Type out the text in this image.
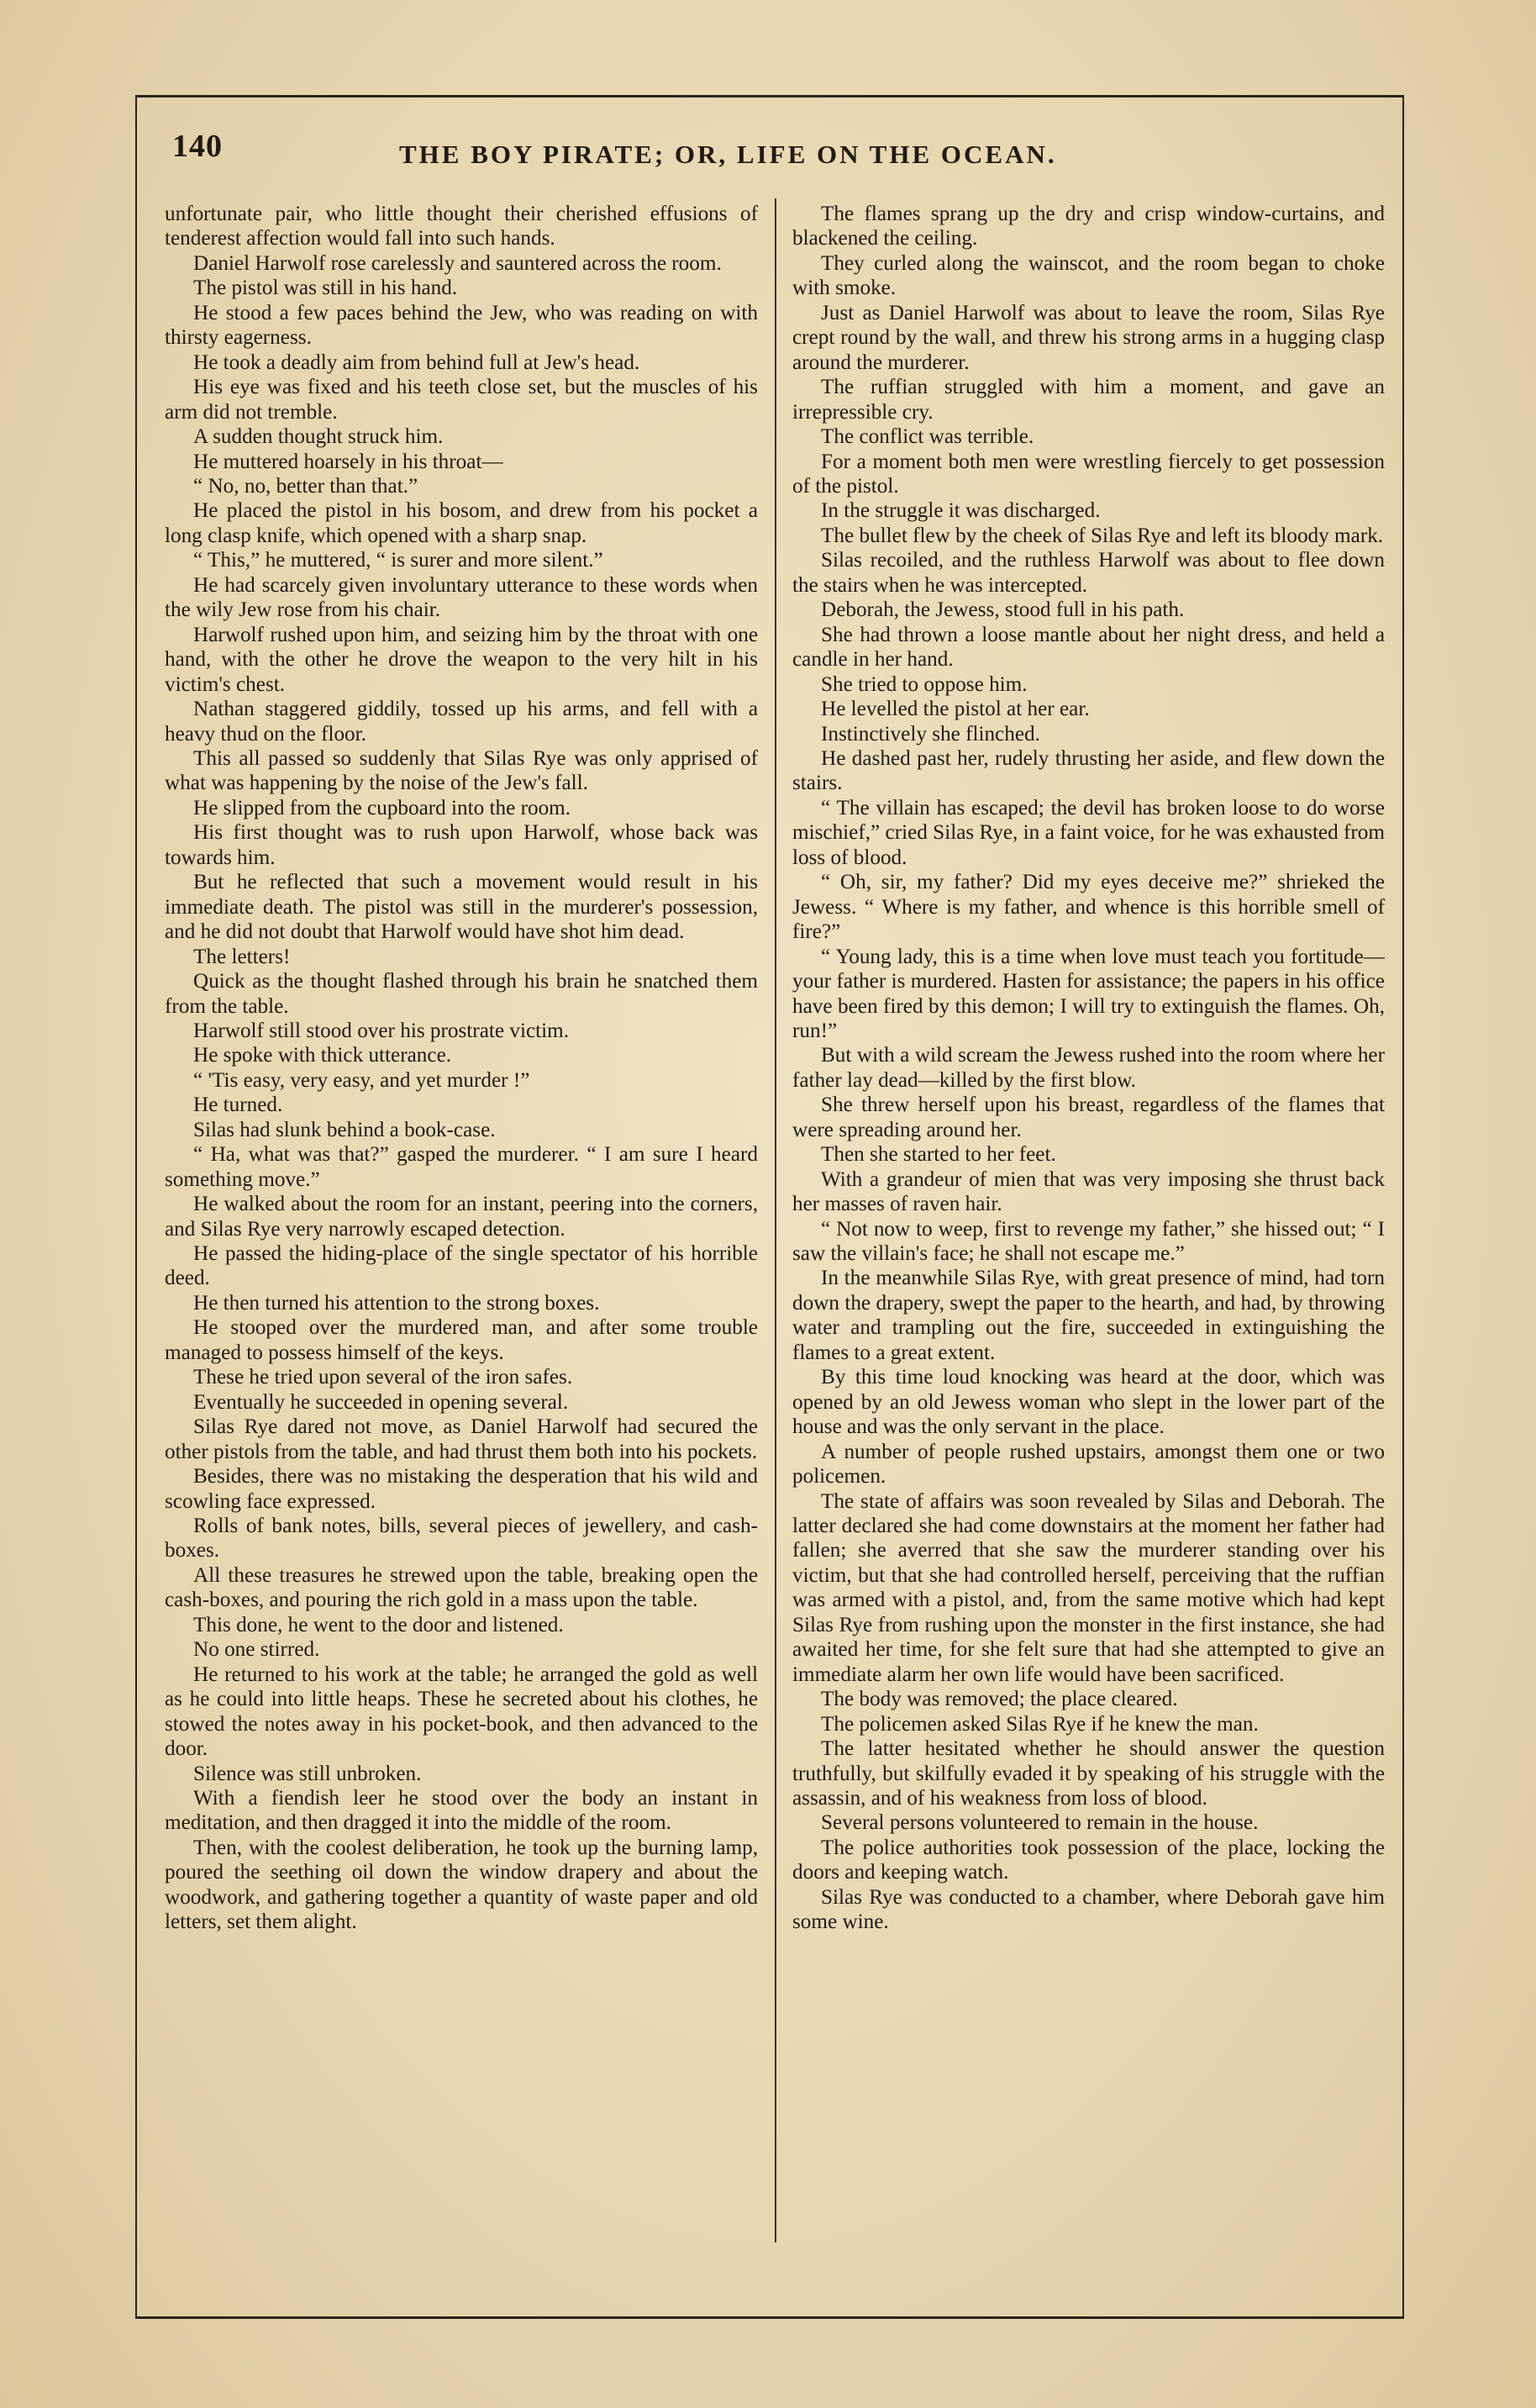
140	THE BOY PIRATE; OR, LIFE ON THE OCEAN.

unfortunate pair, who little thought their cherished effusions of tenderest affection would fall into such hands.

Daniel Harwolf rose carelessly and sauntered across the room.

The pistol was still in his hand.

He stood a few paces behind the Jew, who was reading on with thirsty eagerness.

He took a deadly aim from behind full at Jew's head.

His eye was fixed and his teeth close set, but the muscles of his arm did not tremble.

A sudden thought struck him.

He muttered hoarsely in his throat—

“ No, no, better than that.”

He placed the pistol in his bosom, and drew from his pocket a long clasp knife, which opened with a sharp snap.

“ This,” he muttered, “ is surer and more silent.”

He had scarcely given involuntary utterance to these words when the wily Jew rose from his chair.

Harwolf rushed upon him, and seizing him by the throat with one hand, with the other he drove the weapon to the very hilt in his victim's chest.

Nathan staggered giddily, tossed up his arms, and fell with a heavy thud on the floor.

This all passed so suddenly that Silas Rye was only apprised of what was happening by the noise of the Jew's fall.

He slipped from the cupboard into the room.

His first thought was to rush upon Harwolf, whose back was towards him.

But he reflected that such a movement would result in his immediate death. The pistol was still in the murderer's possession, and he did not doubt that Harwolf would have shot him dead.

The letters!

Quick as the thought flashed through his brain he snatched them from the table.

Harwolf still stood over his prostrate victim.

He spoke with thick utterance.

“ 'Tis easy, very easy, and yet murder !”

He turned.

Silas had slunk behind a book-case.

“ Ha, what was that?” gasped the murderer. “ I am sure I heard something move.”

He walked about the room for an instant, peering into the corners, and Silas Rye very narrowly escaped detection.

He passed the hiding-place of the single spectator of his horrible deed.

He then turned his attention to the strong boxes.

He stooped over the murdered man, and after some trouble managed to possess himself of the keys.

These he tried upon several of the iron safes.

Eventually he succeeded in opening several.

Silas Rye dared not move, as Daniel Harwolf had secured the other pistols from the table, and had thrust them both into his pockets.

Besides, there was no mistaking the desperation that his wild and scowling face expressed.

Rolls of bank notes, bills, several pieces of jewellery, and cash-boxes.

All these treasures he strewed upon the table, breaking open the cash-boxes, and pouring the rich gold in a mass upon the table.

This done, he went to the door and listened.

No one stirred.

He returned to his work at the table; he arranged the gold as well as he could into little heaps. These he secreted about his clothes, he stowed the notes away in his pocket-book, and then advanced to the door.

Silence was still unbroken.

With a fiendish leer he stood over the body an instant in meditation, and then dragged it into the middle of the room.

Then, with the coolest deliberation, he took up the burning lamp, poured the seething oil down the window drapery and about the woodwork, and gathering together a quantity of waste paper and old letters, set them alight.

The flames sprang up the dry and crisp window-curtains, and blackened the ceiling.

They curled along the wainscot, and the room began to choke with smoke.

Just as Daniel Harwolf was about to leave the room, Silas Rye crept round by the wall, and threw his strong arms in a hugging clasp around the murderer.

The ruffian struggled with him a moment, and gave an irrepressible cry.

The conflict was terrible.

For a moment both men were wrestling fiercely to get possession of the pistol.

In the struggle it was discharged.

The bullet flew by the cheek of Silas Rye and left its bloody mark.

Silas recoiled, and the ruthless Harwolf was about to flee down the stairs when he was intercepted.

Deborah, the Jewess, stood full in his path.

She had thrown a loose mantle about her night dress, and held a candle in her hand.

She tried to oppose him.

He levelled the pistol at her ear.

Instinctively she flinched.

He dashed past her, rudely thrusting her aside, and flew down the stairs.

“ The villain has escaped; the devil has broken loose to do worse mischief,” cried Silas Rye, in a faint voice, for he was exhausted from loss of blood.

“ Oh, sir, my father? Did my eyes deceive me?” shrieked the Jewess. “ Where is my father, and whence is this horrible smell of fire?”

“ Young lady, this is a time when love must teach you fortitude—your father is murdered. Hasten for assistance; the papers in his office have been fired by this demon; I will try to extinguish the flames. Oh, run!”

But with a wild scream the Jewess rushed into the room where her father lay dead—killed by the first blow.

She threw herself upon his breast, regardless of the flames that were spreading around her.

Then she started to her feet.

With a grandeur of mien that was very imposing she thrust back her masses of raven hair.

“ Not now to weep, first to revenge my father,” she hissed out; “ I saw the villain's face; he shall not escape me.”

In the meanwhile Silas Rye, with great presence of mind, had torn down the drapery, swept the paper to the hearth, and had, by throwing water and trampling out the fire, succeeded in extinguishing the flames to a great extent.

By this time loud knocking was heard at the door, which was opened by an old Jewess woman who slept in the lower part of the house and was the only servant in the place.

A number of people rushed upstairs, amongst them one or two policemen.

The state of affairs was soon revealed by Silas and Deborah. The latter declared she had come downstairs at the moment her father had fallen; she averred that she saw the murderer standing over his victim, but that she had controlled herself, perceiving that the ruffian was armed with a pistol, and, from the same motive which had kept Silas Rye from rushing upon the monster in the first instance, she had awaited her time, for she felt sure that had she attempted to give an immediate alarm her own life would have been sacrificed.

The body was removed; the place cleared.

The policemen asked Silas Rye if he knew the man.

The latter hesitated whether he should answer the question truthfully, but skilfully evaded it by speaking of his struggle with the assassin, and of his weakness from loss of blood.

Several persons volunteered to remain in the house.

The police authorities took possession of the place, locking the doors and keeping watch.

Silas Rye was conducted to a chamber, where Deborah gave him some wine.
